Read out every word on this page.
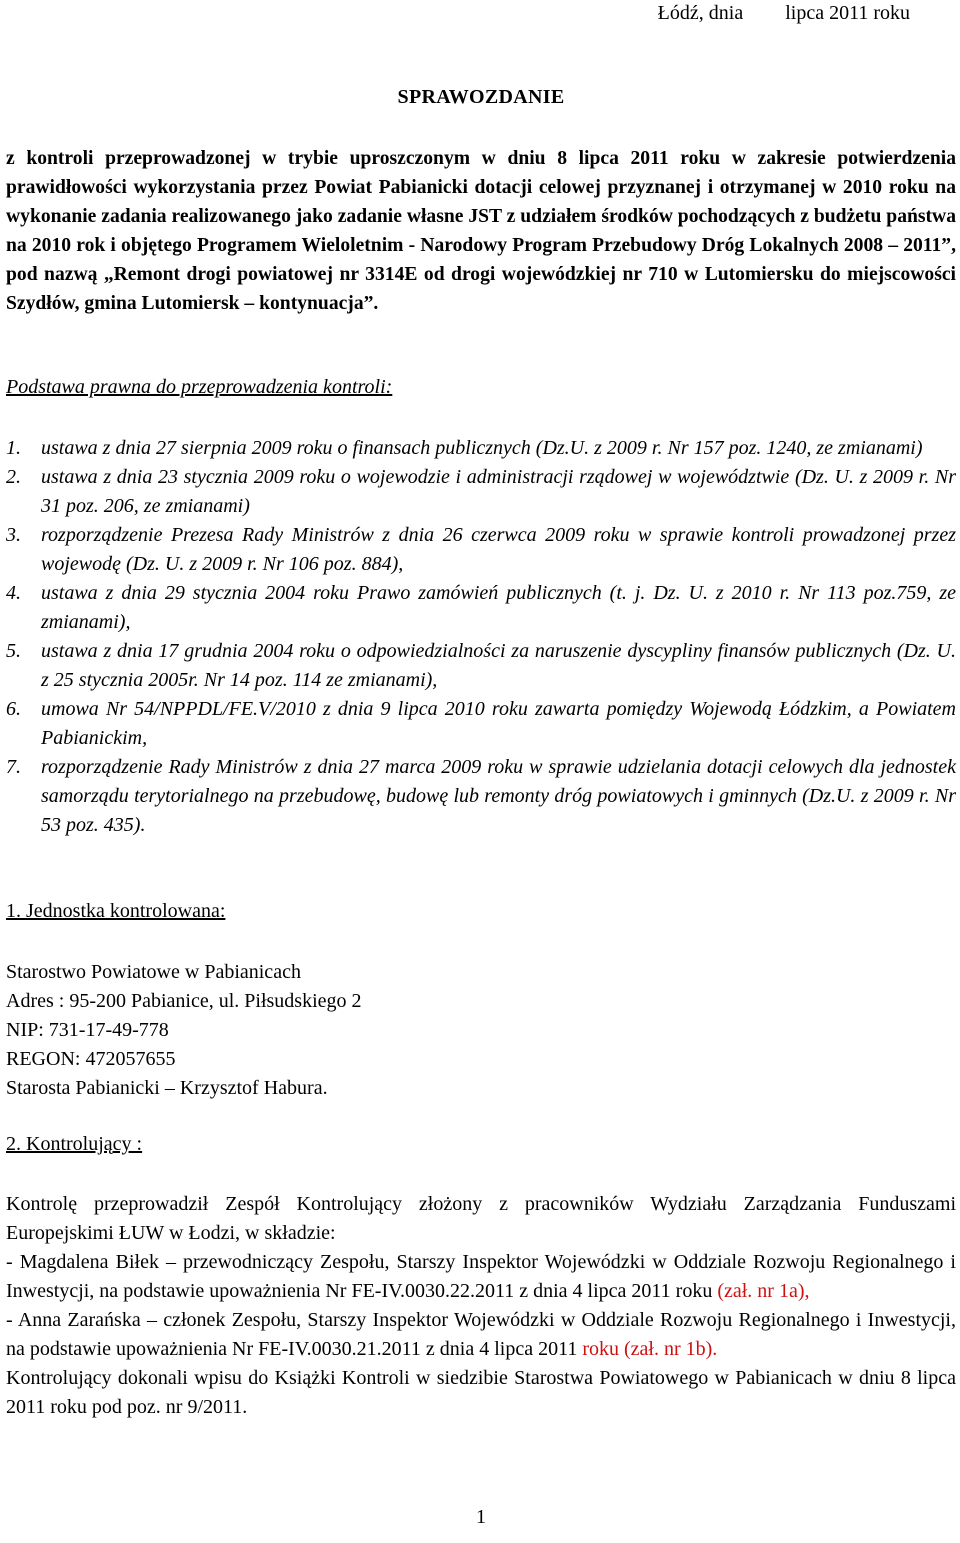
Łódź, dnia lipca 2011 roku
SPRAWOZDANIE
z kontroli przeprowadzonej w trybie uproszczonym w dniu 8 lipca 2011 roku w zakresie potwierdzenia prawidłowości wykorzystania przez Powiat Pabianicki dotacji celowej przyznanej i otrzymanej w 2010 roku na wykonanie zadania realizowanego jako zadanie własne JST z udziałem środków pochodzących z budżetu państwa na 2010 rok i objętego Programem Wieloletnim - Narodowy Program Przebudowy Dróg Lokalnych 2008 – 2011”, pod nazwą „Remont drogi powiatowej nr 3314E od drogi wojewódzkiej nr 710 w Lutomiersku do miejscowości Szydłów, gmina Lutomiersk – kontynuacja”.
Podstawa prawna do przeprowadzenia kontroli:
1. ustawa z dnia 27 sierpnia 2009 roku o finansach publicznych (Dz.U. z 2009 r. Nr 157 poz. 1240, ze zmianami)
2. ustawa z dnia 23 stycznia 2009 roku o wojewodzie i administracji rządowej w województwie (Dz. U. z 2009 r. Nr 31 poz. 206, ze zmianami)
3. rozporządzenie Prezesa Rady Ministrów z dnia 26 czerwca 2009 roku w sprawie kontroli prowadzonej przez wojewodę (Dz. U. z 2009 r. Nr 106 poz. 884),
4. ustawa z dnia 29 stycznia 2004 roku Prawo zamówień publicznych (t. j. Dz. U. z 2010 r. Nr 113 poz.759, ze zmianami),
5. ustawa z dnia 17 grudnia 2004 roku o odpowiedzialności za naruszenie dyscypliny finansów publicznych (Dz. U. z 25 stycznia 2005r. Nr 14 poz. 114 ze zmianami),
6. umowa Nr 54/NPPDL/FE.V/2010 z dnia 9 lipca 2010 roku zawarta pomiędzy Wojewodą Łódzkim, a Powiatem Pabianickim,
7. rozporządzenie Rady Ministrów z dnia 27 marca 2009 roku w sprawie udzielania dotacji celowych dla jednostek samorządu terytorialnego na przebudowę, budowę lub remonty dróg powiatowych i gminnych (Dz.U. z 2009 r. Nr 53 poz. 435).
1. Jednostka kontrolowana:
Starostwo Powiatowe w Pabianicach
Adres : 95-200 Pabianice, ul. Piłsudskiego 2
NIP: 731-17-49-778
REGON: 472057655
Starosta Pabianicki – Krzysztof Habura.
2. Kontrolujący :

Kontrolę przeprowadził Zespół Kontrolujący złożony z pracowników Wydziału Zarządzania Funduszami Europejskimi ŁUW w Łodzi, w składzie:

- Magdalena Biłek – przewodniczący Zespołu, Starszy Inspektor Wojewódzki w Oddziale Rozwoju Regionalnego i Inwestycji, na podstawie upoważnienia Nr FE-IV.0030.22.2011 z dnia 4 lipca 2011 roku (zał. nr 1a),

- Anna Zarańska – członek Zespołu, Starszy Inspektor Wojewódzki w Oddziale Rozwoju Regionalnego i Inwestycji, na podstawie upoważnienia Nr FE-IV.0030.21.2011 z dnia 4 lipca 2011 roku (zał. nr 1b).

Kontrolujący dokonali wpisu do Książki Kontroli w siedzibie Starostwa Powiatowego w Pabianicach w dniu 8 lipca 2011 roku pod poz. nr 9/2011.

1
